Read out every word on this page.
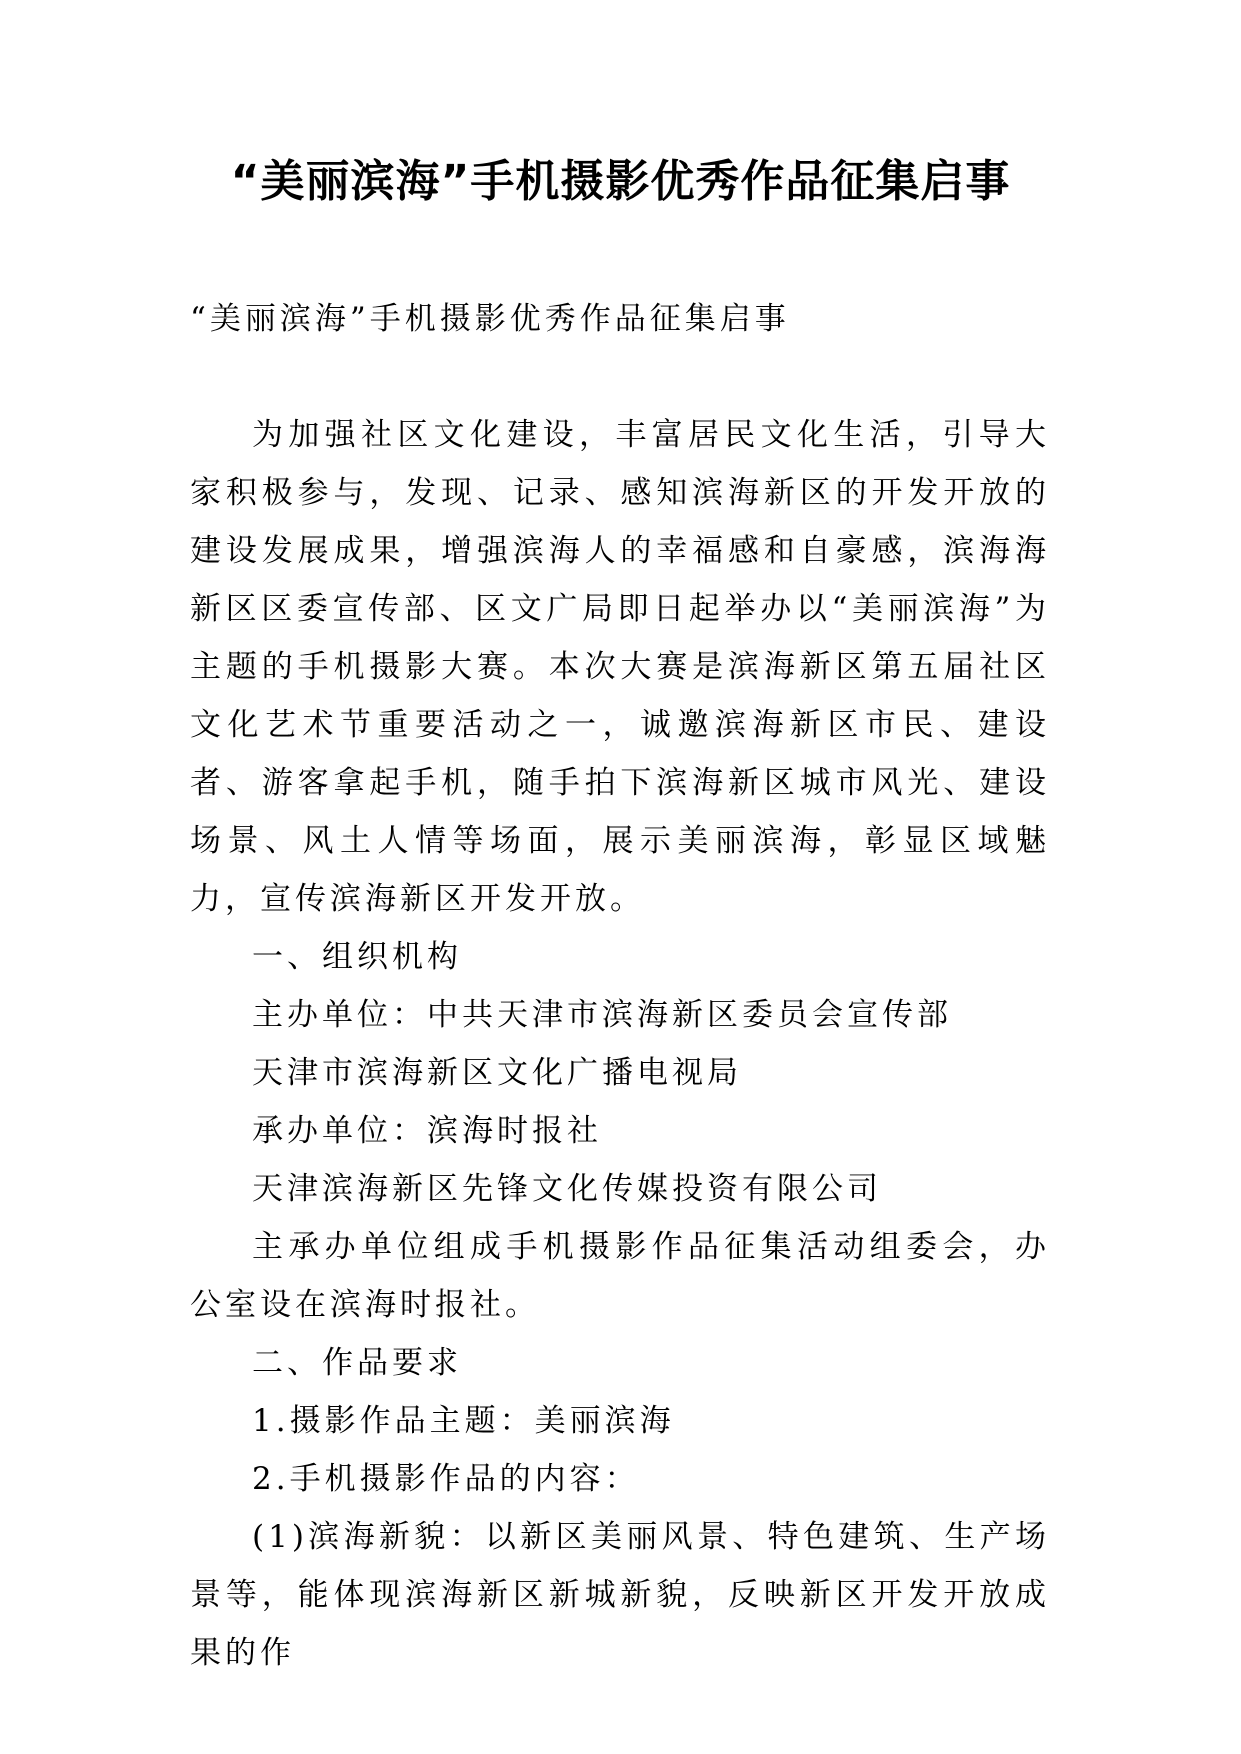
“美丽滨海”手机摄影优秀作品征集启事

“美丽滨海”手机摄影优秀作品征集启事

为加强社区文化建设，丰富居民文化生活，引导大家积极参与，发现、记录、感知滨海新区的开发开放的建设发展成果，增强滨海人的幸福感和自豪感，滨海海新区区委宣传部、区文广局即日起举办以“美丽滨海”为主题的手机摄影大赛。本次大赛是滨海新区第五届社区文化艺术节重要活动之一，诚邀滨海新区市民、建设者、游客拿起手机，随手拍下滨海新区城市风光、建设场景、风土人情等场面，展示美丽滨海，彰显区域魅力，宣传滨海新区开发开放。

一、组织机构

主办单位：中共天津市滨海新区委员会宣传部

天津市滨海新区文化广播电视局

承办单位：滨海时报社

天津滨海新区先锋文化传媒投资有限公司

主承办单位组成手机摄影作品征集活动组委会，办公室设在滨海时报社。

二、作品要求

1.摄影作品主题：美丽滨海

2.手机摄影作品的内容：

(1)滨海新貌：以新区美丽风景、特色建筑、生产场景等，能体现滨海新区新城新貌，反映新区开发开放成果的作
